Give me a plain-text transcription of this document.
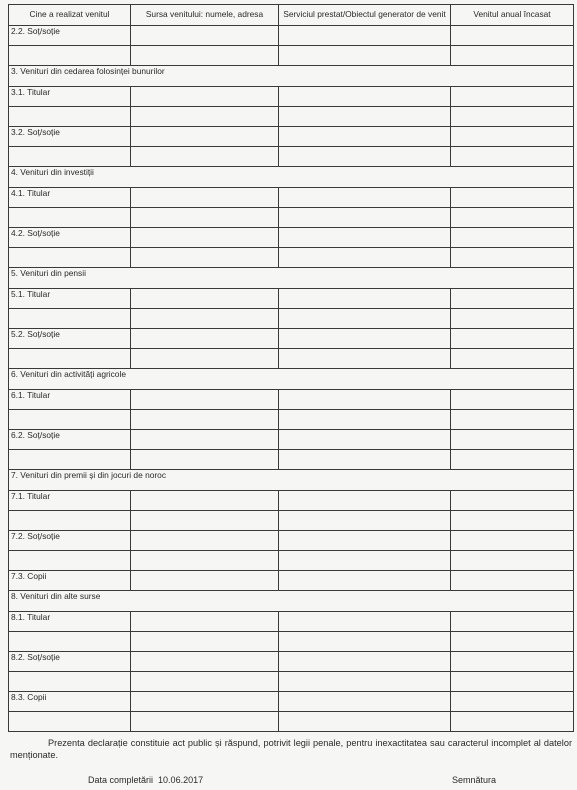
Cine a realizat venitul	Sursa venitului: numele, adresa	Serviciul prestat/Obiectul generator de venit	Venitul anual încasat
2.2. Soț/soție			

3. Venituri din cedarea folosinței bunurilor			
3.1. Titular			

3.2. Soț/soție			

4. Venituri din investiții			
4.1. Titular			

4.2. Soț/soție			

5. Venituri din pensii			
5.1. Titular			

5.2. Soț/soție			

6. Venituri din activități agricole			
6.1. Titular			

6.2. Soț/soție			

7. Venituri din premii și din jocuri de noroc			
7.1. Titular			

7.2. Soț/soție			

7.3. Copii			
8. Venituri din alte surse			
8.1. Titular			

8.2. Soț/soție			

8.3. Copii			

Prezenta declarație constituie act public și răspund, potrivit legii penale, pentru inexactitatea sau caracterul incomplet al datelor menționate.
Data completării 10.06.2017	Semnătura
